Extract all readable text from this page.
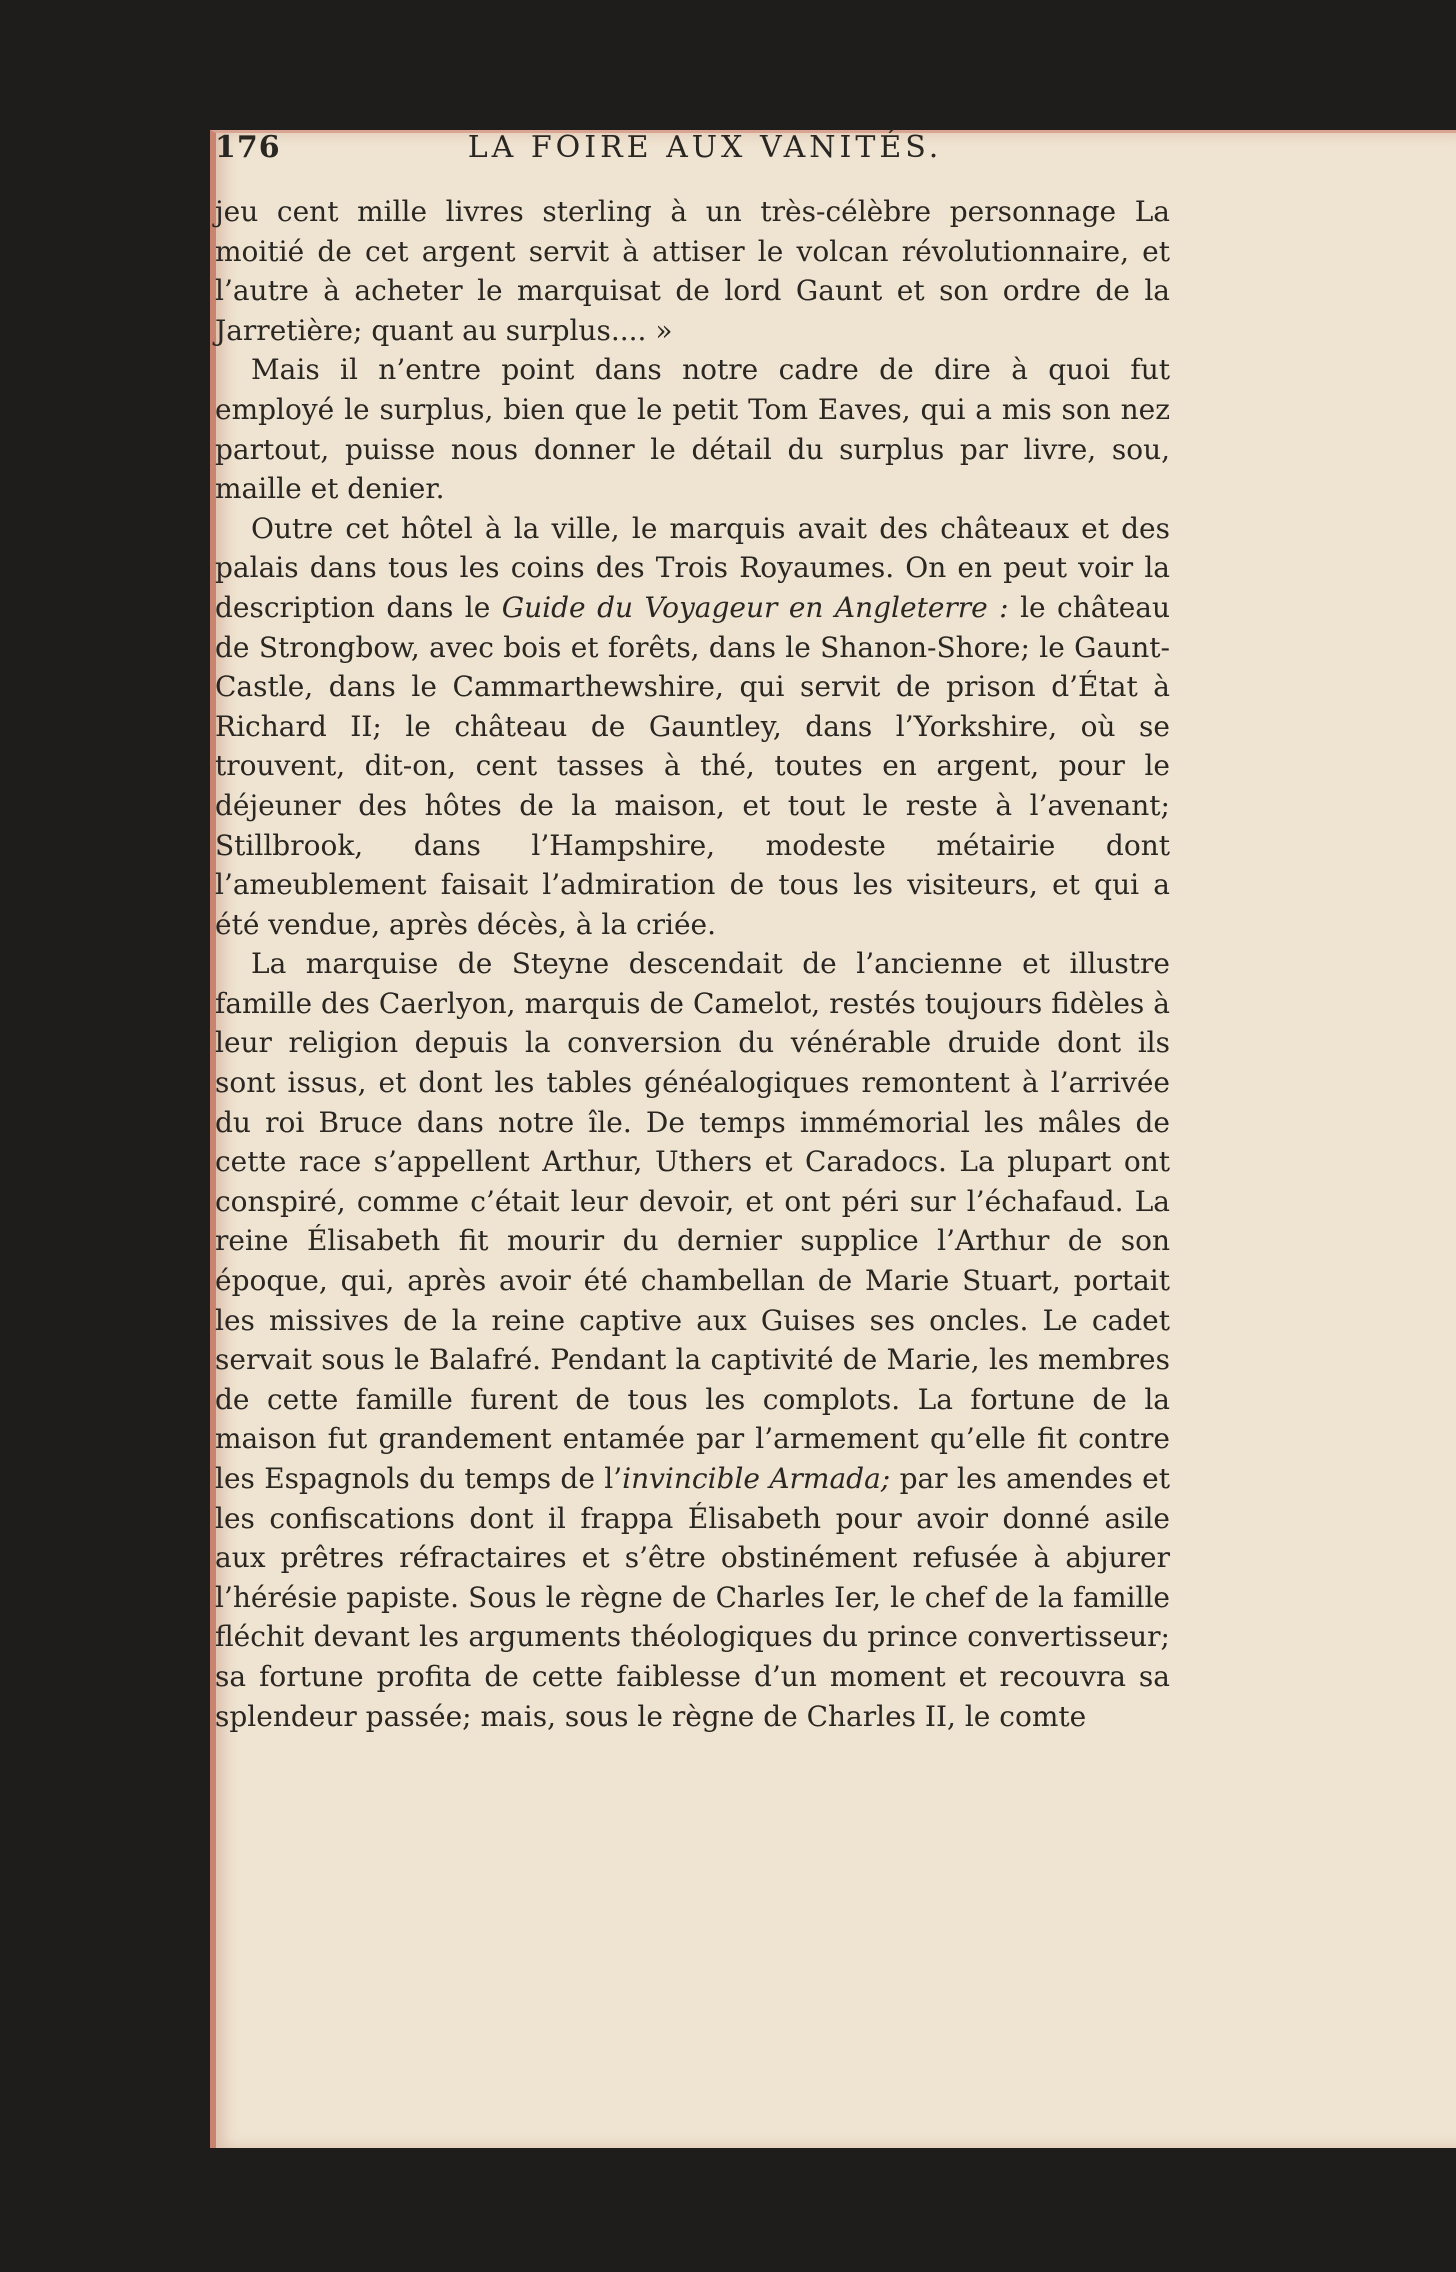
176	LA FOIRE AUX VANITÉS.

jeu cent mille livres sterling à un très-célèbre personnage La moitié de cet argent servit à attiser le volcan révolutionnaire, et l’autre à acheter le marquisat de lord Gaunt et son ordre de la Jarretière; quant au surplus.... »

Mais il n’entre point dans notre cadre de dire à quoi fut employé le surplus, bien que le petit Tom Eaves, qui a mis son nez partout, puisse nous donner le détail du surplus par livre, sou, maille et denier.

Outre cet hôtel à la ville, le marquis avait des châteaux et des palais dans tous les coins des Trois Royaumes. On en peut voir la description dans le Guide du Voyageur en Angleterre : le château de Strongbow, avec bois et forêts, dans le Shanon-Shore; le Gaunt-Castle, dans le Cammarthewshire, qui servit de prison d’État à Richard II; le château de Gauntley, dans l’Yorkshire, où se trouvent, dit-on, cent tasses à thé, toutes en argent, pour le déjeuner des hôtes de la maison, et tout le reste à l’avenant; Stillbrook, dans l’Hampshire, modeste métairie dont l’ameublement faisait l’admiration de tous les visiteurs, et qui a été vendue, après décès, à la criée.

La marquise de Steyne descendait de l’ancienne et illustre famille des Caerlyon, marquis de Camelot, restés toujours fidèles à leur religion depuis la conversion du vénérable druide dont ils sont issus, et dont les tables généalogiques remontent à l’arrivée du roi Bruce dans notre île. De temps immémorial les mâles de cette race s’appellent Arthur, Uthers et Caradocs. La plupart ont conspiré, comme c’était leur devoir, et ont péri sur l’échafaud. La reine Élisabeth fit mourir du dernier supplice l’Arthur de son époque, qui, après avoir été chambellan de Marie Stuart, portait les missives de la reine captive aux Guises ses oncles. Le cadet servait sous le Balafré. Pendant la captivité de Marie, les membres de cette famille furent de tous les complots. La fortune de la maison fut grandement entamée par l’armement qu’elle fit contre les Espagnols du temps de l’invincible Armada; par les amendes et les confiscations dont il frappa Élisabeth pour avoir donné asile aux prêtres réfractaires et s’être obstinément refusée à abjurer l’hérésie papiste. Sous le règne de Charles Ier, le chef de la famille fléchit devant les arguments théologiques du prince convertisseur; sa fortune profita de cette faiblesse d’un moment et recouvra sa splendeur passée; mais, sous le règne de Charles II, le comte
